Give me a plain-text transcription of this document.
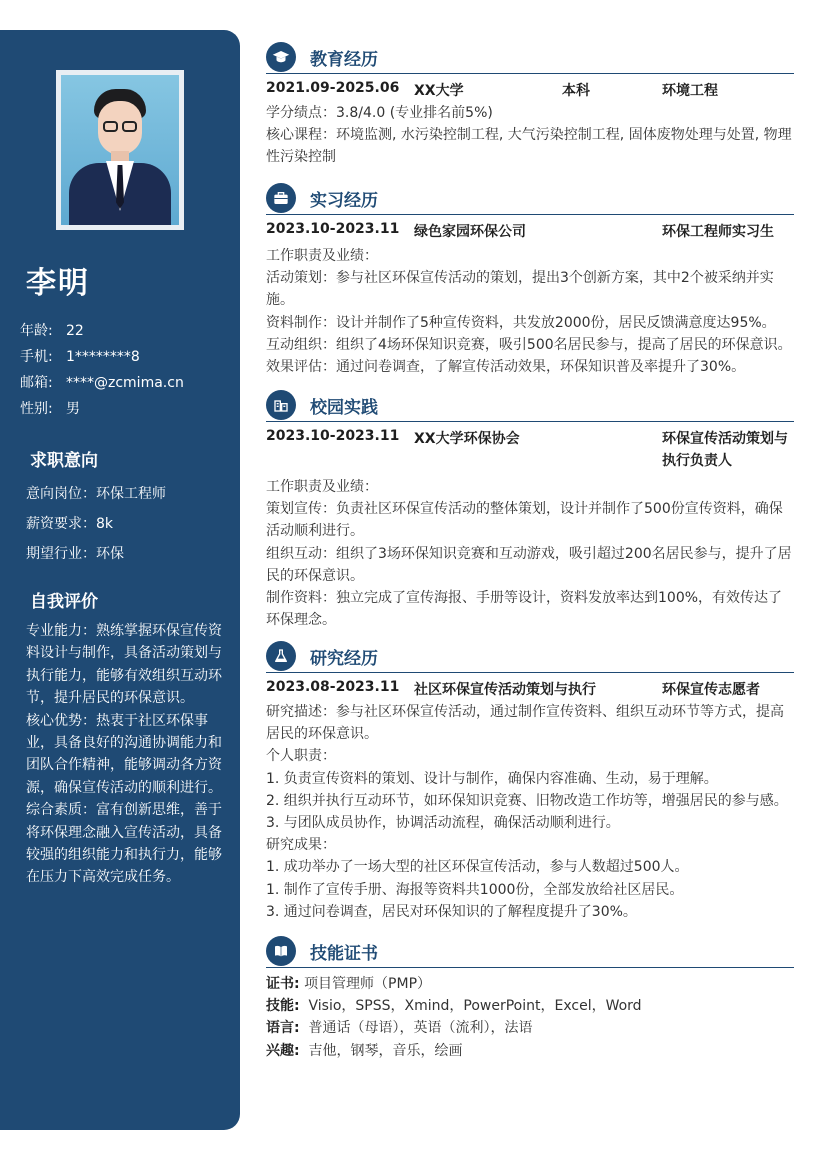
李明
年龄: 22
手机: 1********8
邮箱: ****@zcmima.cn
性别: 男
求职意向
意向岗位：环保工程师
薪资要求：8k
期望行业：环保
自我评价

专业能力：熟练掌握环保宣传资料设计与制作，具备活动策划与执行能力，能够有效组织互动环节，提升居民的环保意识。

核心优势：热衷于社区环保事业，具备良好的沟通协调能力和团队合作精神，能够调动各方资源，确保宣传活动的顺利进行。

综合素质：富有创新思维，善于将环保理念融入宣传活动，具备 较强的组织能力和执行力，能够在压力下高效完成任务。

教育经历
2021.09-2025.06 XX大学	本科	环境工程

学分绩点：3.8/4.0 (专业排名前5%)

核心课程：环境监测, 水污染控制工程, 大气污染控制工程, 固体废物处理与处置, 物理性污染控制

实习经历
2023.10-2023.11 绿色家园环保公司	环保工程师实习生

工作职责及业绩：

活动策划：参与社区环保宣传活动的策划，提出3个创新方案，其中2个被采纳并实施。

资料制作：设计并制作了5种宣传资料，共发放2000份，居民反馈满意度达95%。

互动组织：组织了4场环保知识竞赛，吸引500名居民参与，提高了居民的环保意识。

效果评估：通过问卷调查，了解宣传活动效果，环保知识普及率提升了30%。

校园实践
2023.10-2023.11 XX大学环保协会	环保宣传活动策划与执行负责人

工作职责及业绩：

策划宣传：负责社区环保宣传活动的整体策划，设计并制作了500份宣传资料，确保活动顺利进行。

组织互动：组织了3场环保知识竞赛和互动游戏，吸引超过200名居民参与，提升了居民的环保意识。

制作资料：独立完成了宣传海报、手册等设计，资料发放率达到100%，有效传达了环保理念。

研究经历
2023.08-2023.11 社区环保宣传活动策划与执行	环保宣传志愿者

研究描述：参与社区环保宣传活动，通过制作宣传资料、组织互动环节等方式，提高居民的环保意识。

个人职责：

1. 负责宣传资料的策划、设计与制作，确保内容准确、生动，易于理解。

2. 组织并执行互动环节，如环保知识竞赛、旧物改造工作坊等，增强居民的参与感。

3. 与团队成员协作，协调活动流程，确保活动顺利进行。

研究成果：

1. 成功举办了一场大型的社区环保宣传活动，参与人数超过500人。

1. 制作了宣传手册、海报等资料共1000份，全部发放给社区居民。

3. 通过问卷调查，居民对环保知识的了解程度提升了30%。

技能证书
证书: 项目管理师（PMP）
技能: Visio，SPSS，Xmind，PowerPoint，Excel，Word
语言: 普通话（母语），英语（流利），法语
兴趣: 吉他，钢琴，音乐，绘画
